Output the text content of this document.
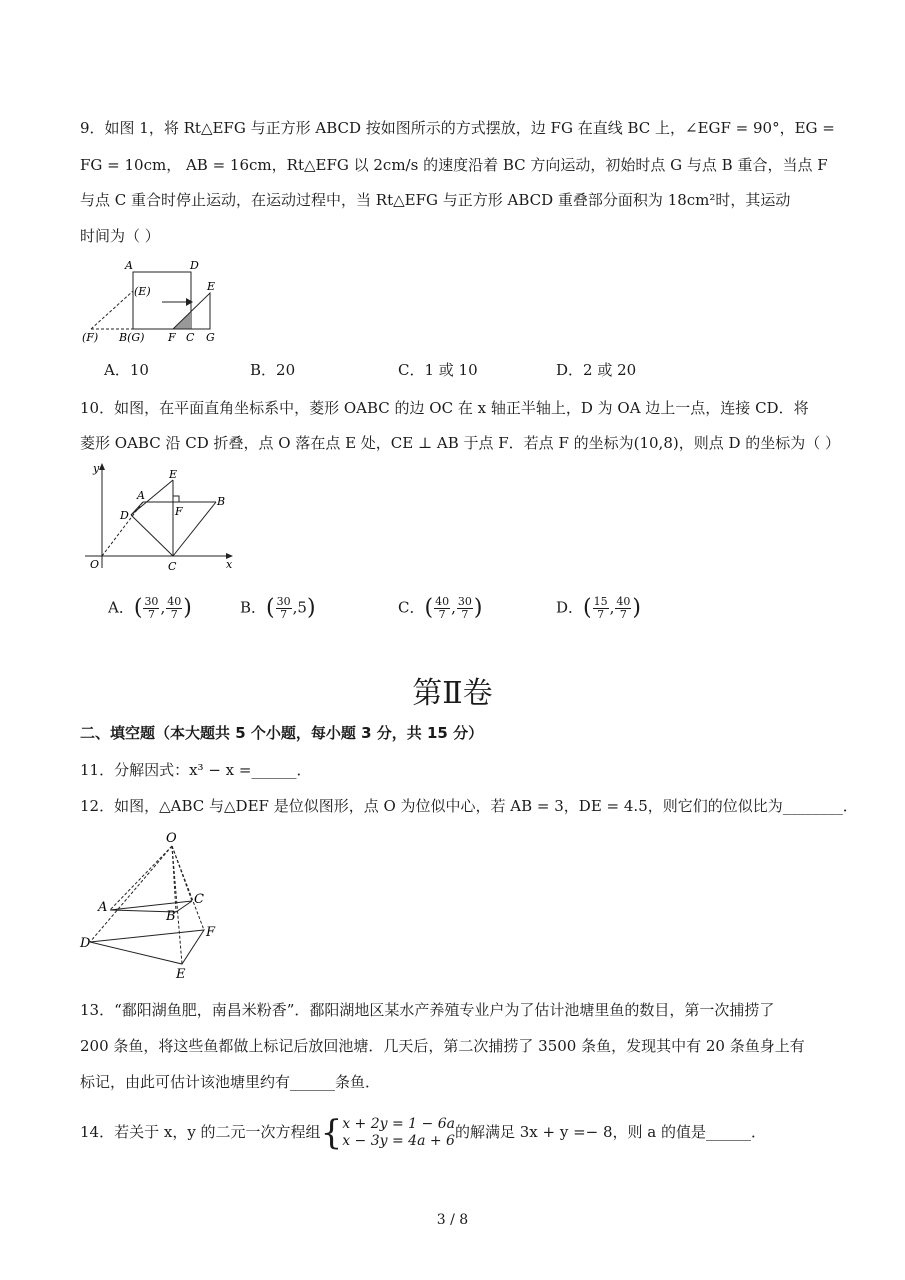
9．如图 1，将 Rt△EFG 与正方形 ABCD 按如图所示的方式摆放，边 FG 在直线 BC 上，∠EGF = 90°，EG =
FG = 10cm， AB = 16cm，Rt△EFG 以 2cm/s 的速度沿着 BC 方向运动，初始时点 G 与点 B 重合，当点 F
与点 C 重合时停止运动，在运动过程中，当 Rt△EFG 与正方形 ABCD 重叠部分面积为 18cm²时，其运动
时间为（ ）
A	D
(E)	E
(F) B(G) F C G
A．10	B．20	C．1 或 10	D．2 或 20
10．如图，在平面直角坐标系中，菱形 OABC 的边 OC 在 x 轴正半轴上，D 为 OA 边上一点，连接 CD．将
菱形 OABC 沿 CD 折叠，点 O 落在点 E 处，CE ⊥ AB 于点 F．若点 F 的坐标为(10,8)，则点 D 的坐标为（ ）
y	E
A	B
D	F
O	C	x
A．( $\frac{30}{7}$ , $\frac{40}{7}$ )	B．( $\frac{30}{7} ,5$)	C．( $\frac{40}{7}$ , $\frac{30}{7}$ )	D．( $\frac{15}{7}$ , $\frac{40}{7}$ )
第Ⅱ卷
二、填空题（本大题共 5 个小题，每小题 3 分，共 15 分）
11．分解因式：x³ − x =______．
12．如图，△ABC 与△DEF 是位似图形，点 O 为位似中心，若 AB = 3，DE = 4.5，则它们的位似比为________．
O
A
C
B
D
F
E
13．“鄱阳湖鱼肥，南昌米粉香”．鄱阳湖地区某水产养殖专业户为了估计池塘里鱼的数目，第一次捕捞了
200 条鱼，将这些鱼都做上标记后放回池塘．几天后，第二次捕捞了 3500 条鱼，发现其中有 20 条鱼身上有
标记，由此可估计该池塘里约有______条鱼．
14．若关于 x，y 的二元一次方程组{ x + 2y = 1 − 6a
x − 3y = 4a + 6 的解满足 3x + y =− 8，则 a 的值是______．
3 / 8
